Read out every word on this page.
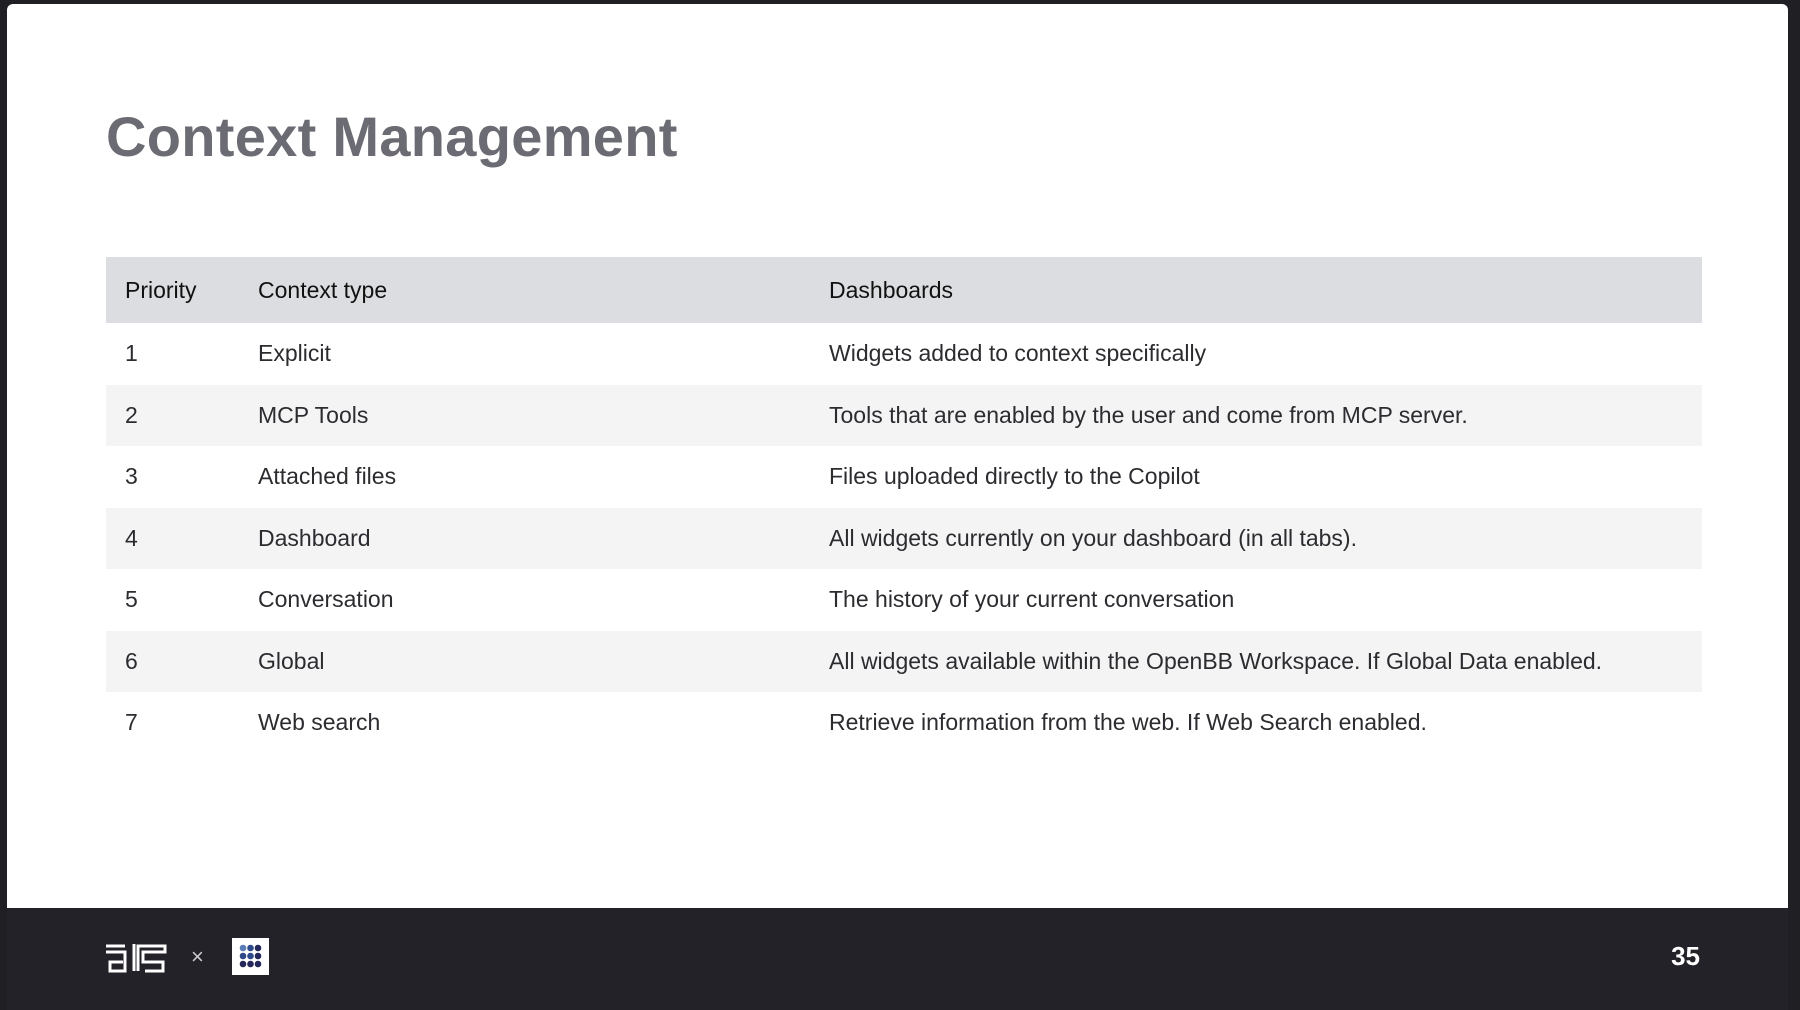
Context Management
Priority	Context type	Dashboards
1	Explicit	Widgets added to context specifically
2	MCP Tools	Tools that are enabled by the user and come from MCP server.
3	Attached files	Files uploaded directly to the Copilot
4	Dashboard	All widgets currently on your dashboard (in all tabs).
5	Conversation	The history of your current conversation
6	Global	All widgets available within the OpenBB Workspace. If Global Data enabled.
7	Web search	Retrieve information from the web. If Web Search enabled.
×	35
